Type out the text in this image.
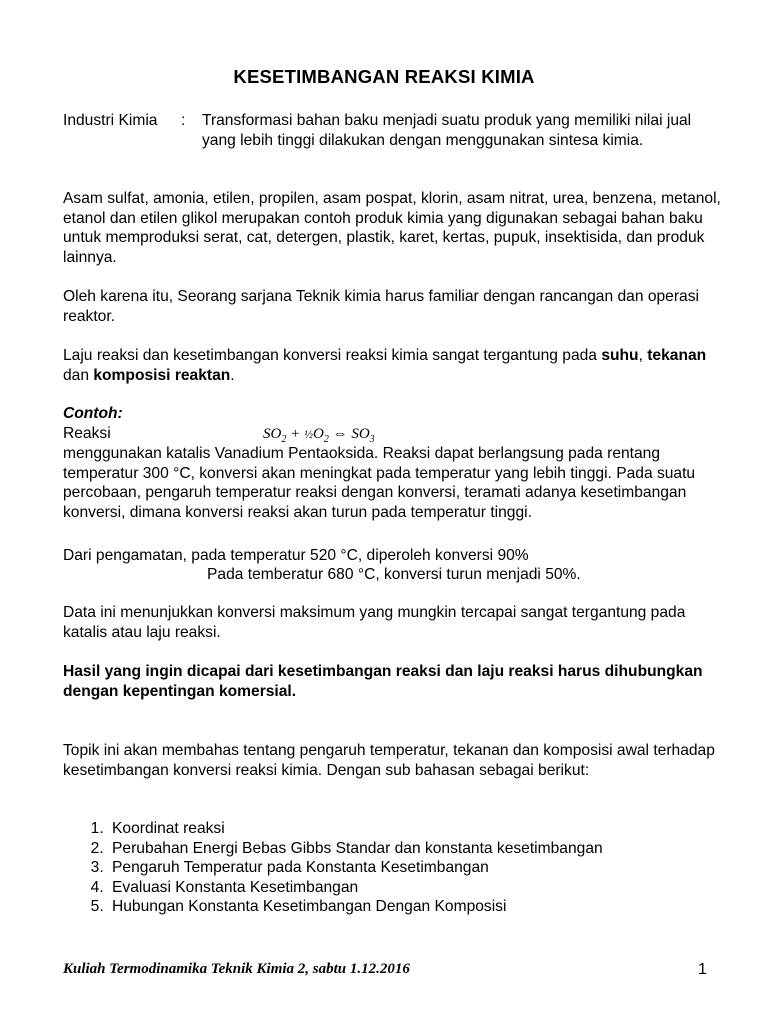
KESETIMBANGAN REAKSI KIMIA
Industri Kimia : Transformasi bahan baku menjadi suatu produk yang memiliki nilai jual yang lebih tinggi dilakukan dengan menggunakan sintesa kimia.
Asam sulfat, amonia, etilen, propilen, asam pospat, klorin, asam nitrat, urea, benzena, metanol, etanol dan etilen glikol merupakan contoh produk kimia yang digunakan sebagai bahan baku untuk memproduksi serat, cat, detergen, plastik, karet, kertas, pupuk, insektisida, dan produk lainnya.
Oleh karena itu, Seorang sarjana Teknik kimia harus familiar dengan rancangan dan operasi reaktor.
Laju reaksi dan kesetimbangan konversi reaksi kimia sangat tergantung pada suhu, tekanan dan komposisi reaktan.
Contoh:
Reaksi	$SO_2$ + $\frac{1}{2}O_2$ ⇔ $SO_3$
menggunakan katalis Vanadium Pentaoksida. Reaksi dapat berlangsung pada rentang temperatur 300 °C, konversi akan meningkat pada temperatur yang lebih tinggi. Pada suatu percobaan, pengaruh temperatur reaksi dengan konversi, teramati adanya kesetimbangan konversi, dimana konversi reaksi akan turun pada temperatur tinggi.
Dari pengamatan, pada temperatur 520 °C, diperoleh konversi 90%
Pada temberatur 680 °C, konversi turun menjadi 50%.
Data ini menunjukkan konversi maksimum yang mungkin tercapai sangat tergantung pada katalis atau laju reaksi.
Hasil yang ingin dicapai dari kesetimbangan reaksi dan laju reaksi harus dihubungkan dengan kepentingan komersial.
Topik ini akan membahas tentang pengaruh temperatur, tekanan dan komposisi awal terhadap kesetimbangan konversi reaksi kimia. Dengan sub bahasan sebagai berikut:
1. Koordinat reaksi
2. Perubahan Energi Bebas Gibbs Standar dan konstanta kesetimbangan
3. Pengaruh Temperatur pada Konstanta Kesetimbangan
4. Evaluasi Konstanta Kesetimbangan
5. Hubungan Konstanta Kesetimbangan Dengan Komposisi
Kuliah Termodinamika Teknik Kimia 2, sabtu 1.12.2016	1
